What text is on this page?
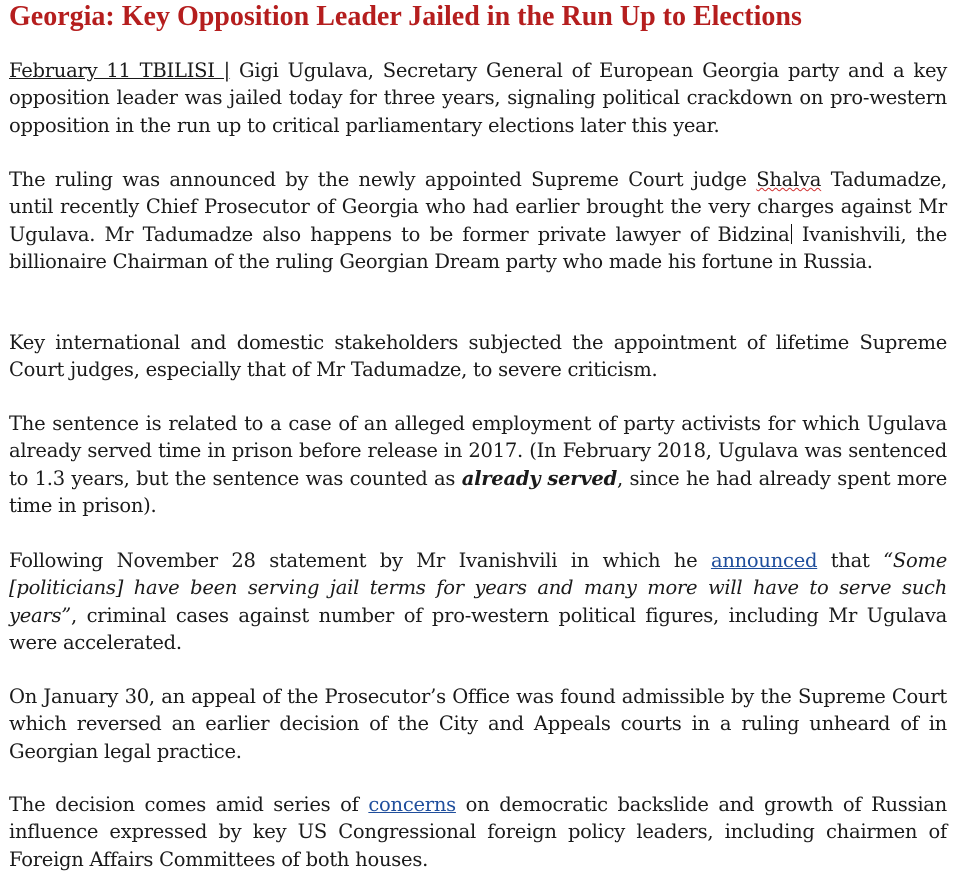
Georgia: Key Opposition Leader Jailed in the Run Up to Elections

February 11 TBILISI | Gigi Ugulava, Secretary General of European Georgia party and a key opposition leader was jailed today for three years, signaling political crackdown on pro-western opposition in the run up to critical parliamentary elections later this year.

The ruling was announced by the newly appointed Supreme Court judge Shalva Tadumadze, until recently Chief Prosecutor of Georgia who had earlier brought the very charges against Mr Ugulava. Mr Tadumadze also happens to be former private lawyer of Bidzina Ivanishvili, the billionaire Chairman of the ruling Georgian Dream party who made his fortune in Russia.

Key international and domestic stakeholders subjected the appointment of lifetime Supreme Court judges, especially that of Mr Tadumadze, to severe criticism.

The sentence is related to a case of an alleged employment of party activists for which Ugulava already served time in prison before release in 2017. (In February 2018, Ugulava was sentenced to 1.3 years, but the sentence was counted as already served, since he had already spent more time in prison).

Following November 28 statement by Mr Ivanishvili in which he announced that “Some [politicians] have been serving jail terms for years and many more will have to serve such years”, criminal cases against number of pro-western political figures, including Mr Ugulava were accelerated.

On January 30, an appeal of the Prosecutor’s Office was found admissible by the Supreme Court which reversed an earlier decision of the City and Appeals courts in a ruling unheard of in Georgian legal practice.

The decision comes amid series of concerns on democratic backslide and growth of Russian influence expressed by key US Congressional foreign policy leaders, including chairmen of Foreign Affairs Committees of both houses.
